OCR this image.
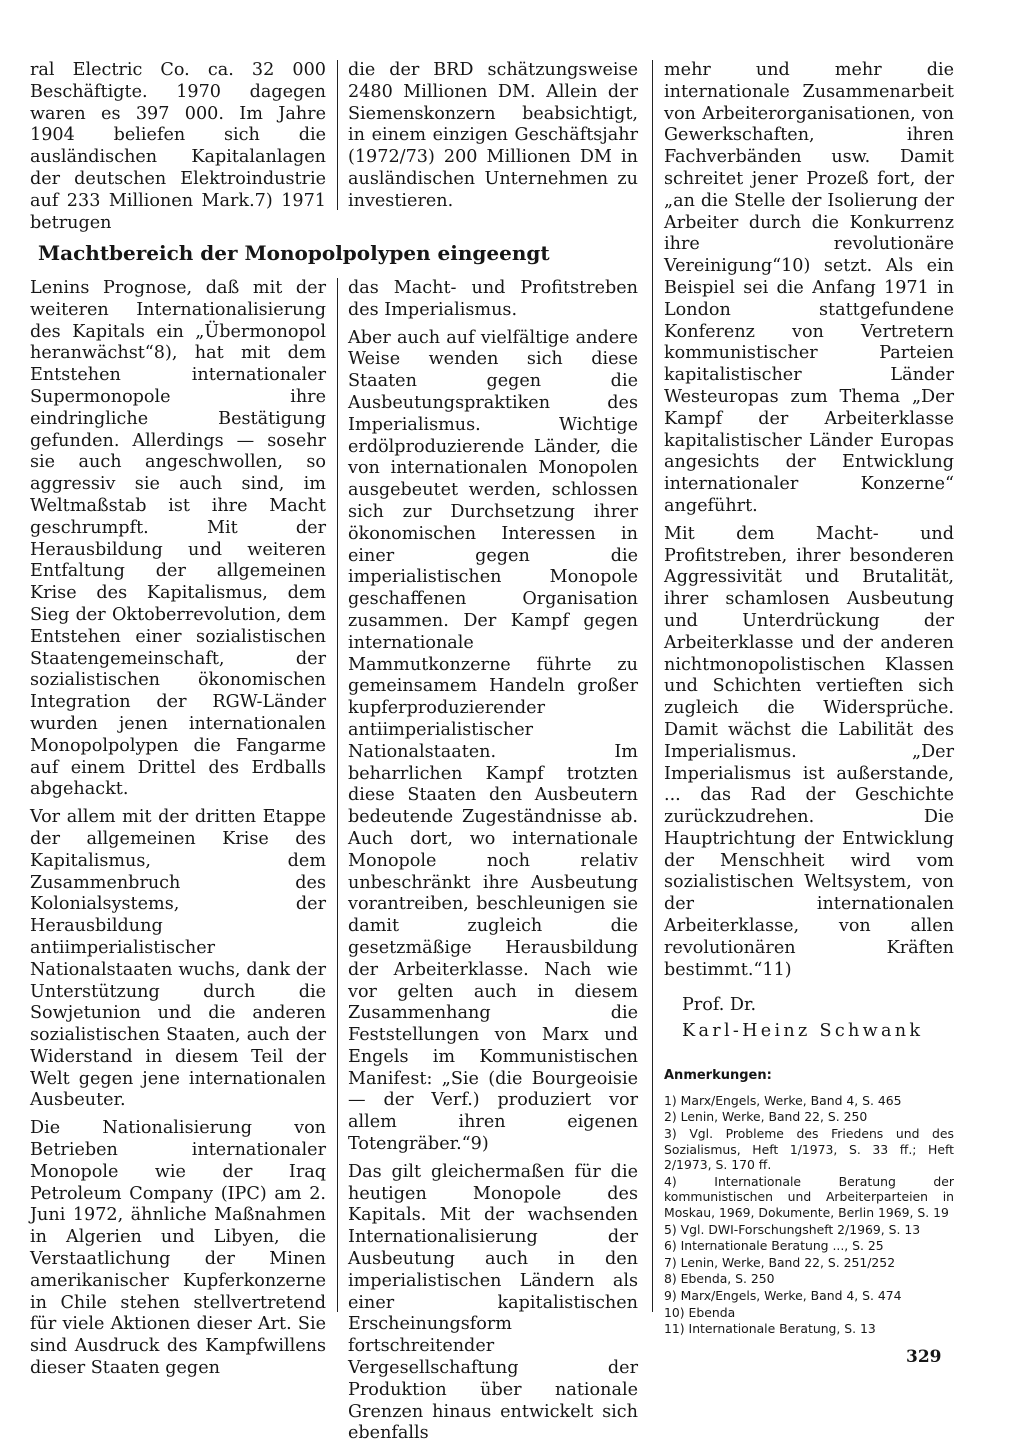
ral Electric Co. ca. 32 000 Beschäftigte. 1970 dagegen waren es 397 000. Im Jahre 1904 beliefen sich die ausländischen Kapitalanlagen der deutschen Elektroindustrie auf 233 Millionen Mark.7) 1971 betrugen

die der BRD schätzungsweise 2480 Millionen DM. Allein der Siemenskonzern beabsichtigt, in einem einzigen Geschäftsjahr (1972/73) 200 Millionen DM in ausländischen Unternehmen zu investieren.

Machtbereich der Monopolpolypen eingeengt

Lenins Prognose, daß mit der weiteren Internationalisierung des Kapitals ein „Übermonopol heranwächst“8), hat mit dem Entstehen internationaler Supermonopole ihre eindringliche Bestätigung gefunden. Allerdings — sosehr sie auch angeschwollen, so aggressiv sie auch sind, im Weltmaßstab ist ihre Macht geschrumpft. Mit der Herausbildung und weiteren Entfaltung der allgemeinen Krise des Kapitalismus, dem Sieg der Oktoberrevolution, dem Entstehen einer sozialistischen Staatengemeinschaft, der sozialistischen ökonomischen Integration der RGW-Länder wurden jenen internationalen Monopolpolypen die Fangarme auf einem Drittel des Erdballs abgehackt.

Vor allem mit der dritten Etappe der allgemeinen Krise des Kapitalismus, dem Zusammenbruch des Kolonialsystems, der Herausbildung antiimperialistischer Nationalstaaten wuchs, dank der Unterstützung durch die Sowjetunion und die anderen sozialistischen Staaten, auch der Widerstand in diesem Teil der Welt gegen jene internationalen Ausbeuter.

Die Nationalisierung von Betrieben internationaler Monopole wie der Iraq Petroleum Company (IPC) am 2. Juni 1972, ähnliche Maßnahmen in Algerien und Libyen, die Verstaatlichung der Minen amerikanischer Kupferkonzerne in Chile stehen stellvertretend für viele Aktionen dieser Art. Sie sind Ausdruck des Kampfwillens dieser Staaten gegen

das Macht- und Profitstreben des Imperialismus.

Aber auch auf vielfältige andere Weise wenden sich diese Staaten gegen die Ausbeutungspraktiken des Imperialismus. Wichtige erdölproduzierende Länder, die von internationalen Monopolen ausgebeutet werden, schlossen sich zur Durchsetzung ihrer ökonomischen Interessen in einer gegen die imperialistischen Monopole geschaffenen Organisation zusammen. Der Kampf gegen internationale Mammutkonzerne führte zu gemeinsamem Handeln großer kupferproduzierender antiimperialistischer Nationalstaaten. Im beharrlichen Kampf trotzten diese Staaten den Ausbeutern bedeutende Zugeständnisse ab. Auch dort, wo internationale Monopole noch relativ unbeschränkt ihre Ausbeutung vorantreiben, beschleunigen sie damit zugleich die gesetzmäßige Herausbildung der Arbeiterklasse. Nach wie vor gelten auch in diesem Zusammenhang die Feststellungen von Marx und Engels im Kommunistischen Manifest: „Sie (die Bourgeoisie — der Verf.) produziert vor allem ihren eigenen Totengräber.“9)

Das gilt gleichermaßen für die heutigen Monopole des Kapitals. Mit der wachsenden Internationalisierung der Ausbeutung auch in den imperialistischen Ländern als einer kapitalistischen Erscheinungsform fortschreitender Vergesellschaftung der Produktion über nationale Grenzen hinaus entwickelt sich ebenfalls

mehr und mehr die internationale Zusammenarbeit von Arbeiterorganisationen, von Gewerkschaften, ihren Fachverbänden usw. Damit schreitet jener Prozeß fort, der „an die Stelle der Isolierung der Arbeiter durch die Konkurrenz ihre revolutionäre Vereinigung“10) setzt. Als ein Beispiel sei die Anfang 1971 in London stattgefundene Konferenz von Vertretern kommunistischer Parteien kapitalistischer Länder Westeuropas zum Thema „Der Kampf der Arbeiterklasse kapitalistischer Länder Europas angesichts der Entwicklung internationaler Konzerne“ angeführt.

Mit dem Macht- und Profitstreben, ihrer besonderen Aggressivität und Brutalität, ihrer schamlosen Ausbeutung und Unterdrückung der Arbeiterklasse und der anderen nichtmonopolistischen Klassen und Schichten vertieften sich zugleich die Widersprüche. Damit wächst die Labilität des Imperialismus. „Der Imperialismus ist außerstande, ... das Rad der Geschichte zurückzudrehen. Die Hauptrichtung der Entwicklung der Menschheit wird vom sozialistischen Weltsystem, von der internationalen Arbeiterklasse, von allen revolutionären Kräften bestimmt.“11)

Prof. Dr.
Karl-Heinz Schwank
Anmerkungen:
1) Marx/Engels, Werke, Band 4, S. 465
2) Lenin, Werke, Band 22, S. 250
3) Vgl. Probleme des Friedens und des Sozialismus, Heft 1/1973, S. 33 ff.; Heft 2/1973, S. 170 ff.
4) Internationale Beratung der kommunistischen und Arbeiterparteien in Moskau, 1969, Dokumente, Berlin 1969, S. 19
5) Vgl. DWI-Forschungsheft 2/1969, S. 13
6) Internationale Beratung ..., S. 25
7) Lenin, Werke, Band 22, S. 251/252
8) Ebenda, S. 250
9) Marx/Engels, Werke, Band 4, S. 474
10) Ebenda
11) Internationale Beratung, S. 13
329
